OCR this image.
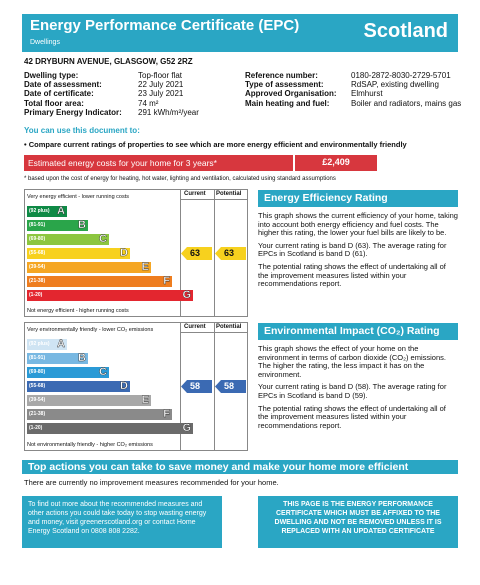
Energy Performance Certificate (EPC)
Dwellings
Scotland
42 DRYBURN AVENUE, GLASGOW, G52 2RZ
Dwelling type:	Top-floor flat
Date of assessment:	22 July 2021
Date of certificate:	23 July 2021
Total floor area:	74 m²
Primary Energy Indicator:	291 kWh/m²/year
Reference number:	0180-2872-8030-2729-5701
Type of assessment:	RdSAP, existing dwelling
Approved Organisation:	Elmhurst
Main heating and fuel:	Boiler and radiators, mains gas
You can use this document to:
• Compare current ratings of properties to see which are more energy efficient and environmentally friendly
Estimated energy costs for your home for 3 years*	£2,409
* based upon the cost of energy for heating, hot water, lighting and ventilation, calculated using standard assumptions
Current Potential
Very energy efficient - lower running costs
Not energy efficient - higher running costs
(92 plus) A
(81-91)	B
(69-80)	C
(55-68)	D
(39-54)	E
(21-38)	F
(1-20)	G
63	63
Current Potential
Very environmentally friendly - lower CO₂ emissions
Not environmentally friendly - higher CO₂ emissions
(92 plus) A
(81-91)	B
(69-80)	C
(55-68)	D
(39-54)	E
(21-38)	F
(1-20)	G
58	58
Energy Efficiency Rating

This graph shows the current efficiency of your home, taking into account both energy efficiency and fuel costs. The higher this rating, the lower your fuel bills are likely to be.

Your current rating is band D (63). The average rating for EPCs in Scotland is band D (61).

The potential rating shows the effect of undertaking all of the improvement measures listed within your recommendations report.

Environmental Impact (CO₂) Rating

This graph shows the effect of your home on the environment in terms of carbon dioxide (CO₂) emissions. The higher the rating, the less impact it has on the environment.

Your current rating is band D (58). The average rating for EPCs in Scotland is band D (59).

The potential rating shows the effect of undertaking all of the improvement measures listed within your recommendations report.

Top actions you can take to save money and make your home more efficient
There are currently no improvement measures recommended for your home.
To find out more about the recommended measures and other actions you could take today to stop wasting energy and money, visit greenerscotland.org or contact Home Energy Scotland on 0808 808 2282.
THIS PAGE IS THE ENERGY PERFORMANCE CERTIFICATE WHICH MUST BE AFFIXED TO THE DWELLING AND NOT BE REMOVED UNLESS IT IS REPLACED WITH AN UPDATED CERTIFICATE
